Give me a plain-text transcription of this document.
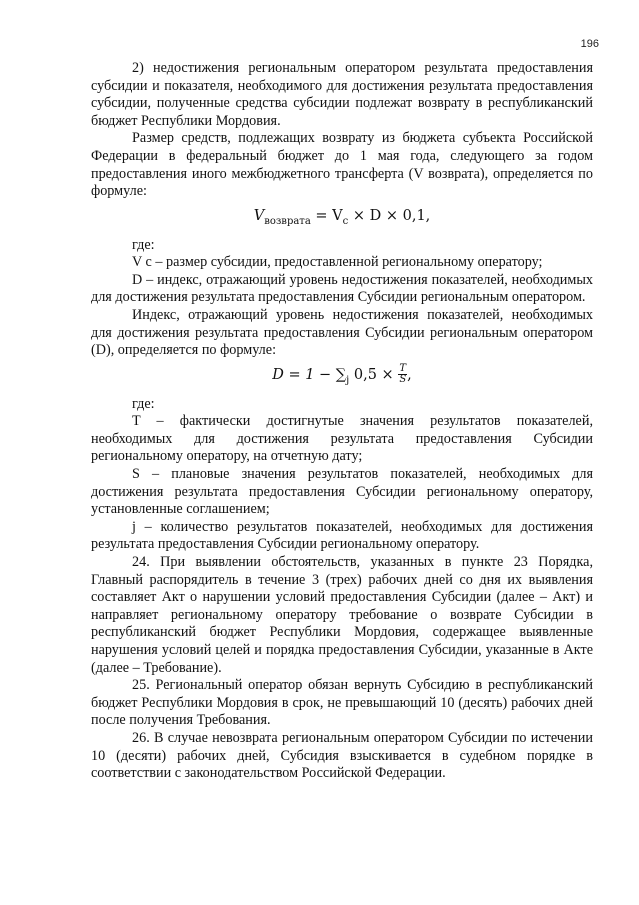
196

2) недостижения региональным оператором результата предоставления субсидии и показателя, необходимого для достижения результата предоставления субсидии, полученные средства субсидии подлежат возврату в республиканский бюджет Республики Мордовия.

Размер средств, подлежащих возврату из бюджета субъекта Российской Федерации в федеральный бюджет до 1 мая года, следующего за годом предоставления иного межбюджетного трансферта (V возврата), определяется по формуле:

$V_{возврата} = V_с \times D \times 0,1$,

где:

V с – размер субсидии, предоставленной региональному оператору;

D – индекс, отражающий уровень недостижения показателей, необходимых для достижения результата предоставления Субсидии региональным оператором.

Индекс, отражающий уровень недостижения показателей, необходимых для достижения результата предоставления Субсидии региональным оператором (D), определяется по формуле:

$D = 1 - \sum_j$ $0,5 \times \frac{T}{S}$ ,

где:

T – фактически достигнутые значения результатов показателей, необходимых для достижения результата предоставления Субсидии региональному оператору, на отчетную дату;

S – плановые значения результатов показателей, необходимых для достижения результата предоставления Субсидии региональному оператору, установленные соглашением;

j – количество результатов показателей, необходимых для достижения результата предоставления Субсидии региональному оператору.

24. При выявлении обстоятельств, указанных в пункте 23 Порядка, Главный распорядитель в течение 3 (трех) рабочих дней со дня их выявления составляет Акт о нарушении условий предоставления Субсидии (далее – Акт) и направляет региональному оператору требование о возврате Субсидии в республиканский бюджет Республики Мордовия, содержащее выявленные нарушения условий целей и порядка предоставления Субсидии, указанные в Акте (далее – Требование).

25. Региональный оператор обязан вернуть Субсидию в республиканский бюджет Республики Мордовия в срок, не превышающий 10 (десять) рабочих дней после получения Требования.

26. В случае невозврата региональным оператором Субсидии по истечении 10 (десяти) рабочих дней, Субсидия взыскивается в судебном порядке в соответствии с законодательством Российской Федерации.
